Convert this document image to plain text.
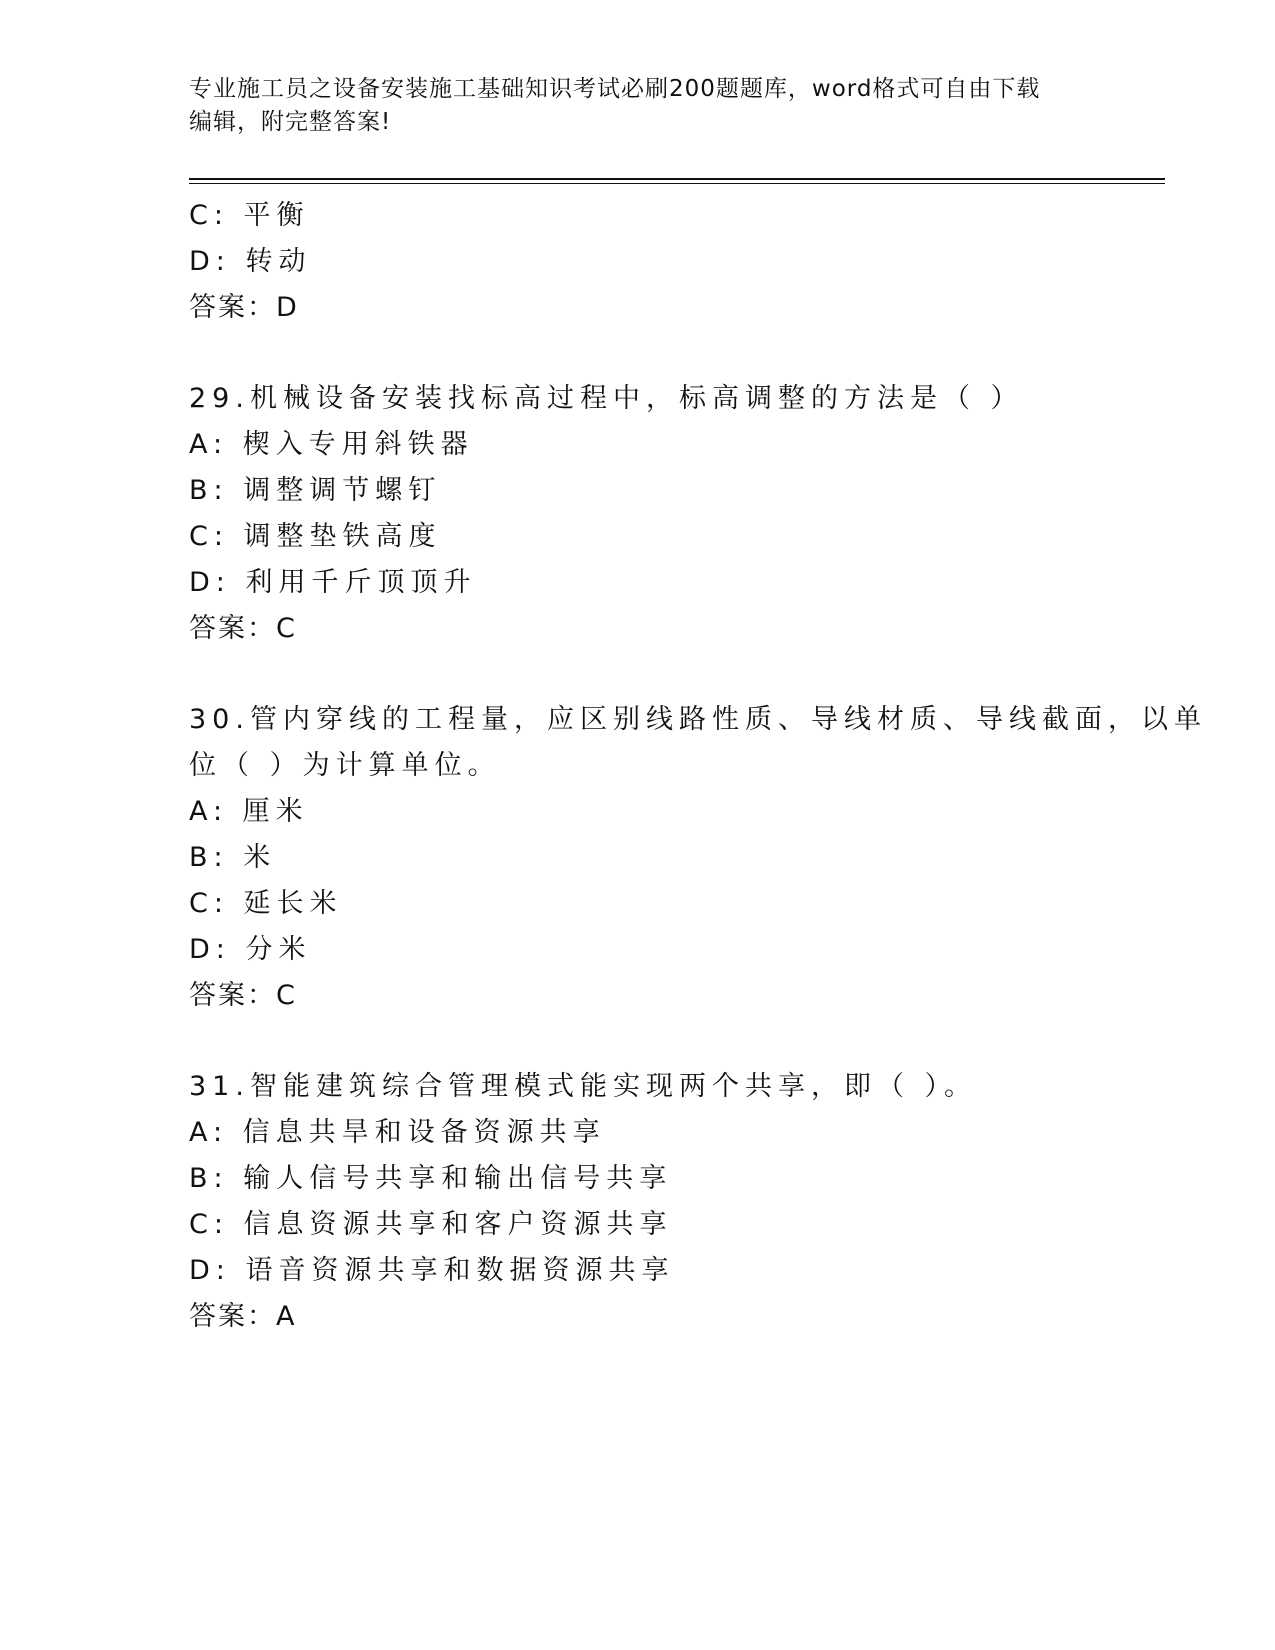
专业施工员之设备安装施工基础知识考试必刷200题题库，word格式可自由下载
编辑，附完整答案!
C: 平衡
D: 转动
答案：D
29.机械设备安装找标高过程中，标高调整的方法是（ ）
A: 楔入专用斜铁器
B: 调整调节螺钉
C: 调整垫铁高度
D: 利用千斤顶顶升
答案：C
30.管内穿线的工程量，应区别线路性质、导线材质、导线截面，以单
位（ ）为计算单位。
A: 厘米
B: 米
C: 延长米
D: 分米
答案：C
31.智能建筑综合管理模式能实现两个共享，即（ ）。
A: 信息共旱和设备资源共享
B: 输人信号共享和输出信号共享
C: 信息资源共享和客户资源共享
D: 语音资源共享和数据资源共享
答案：A
